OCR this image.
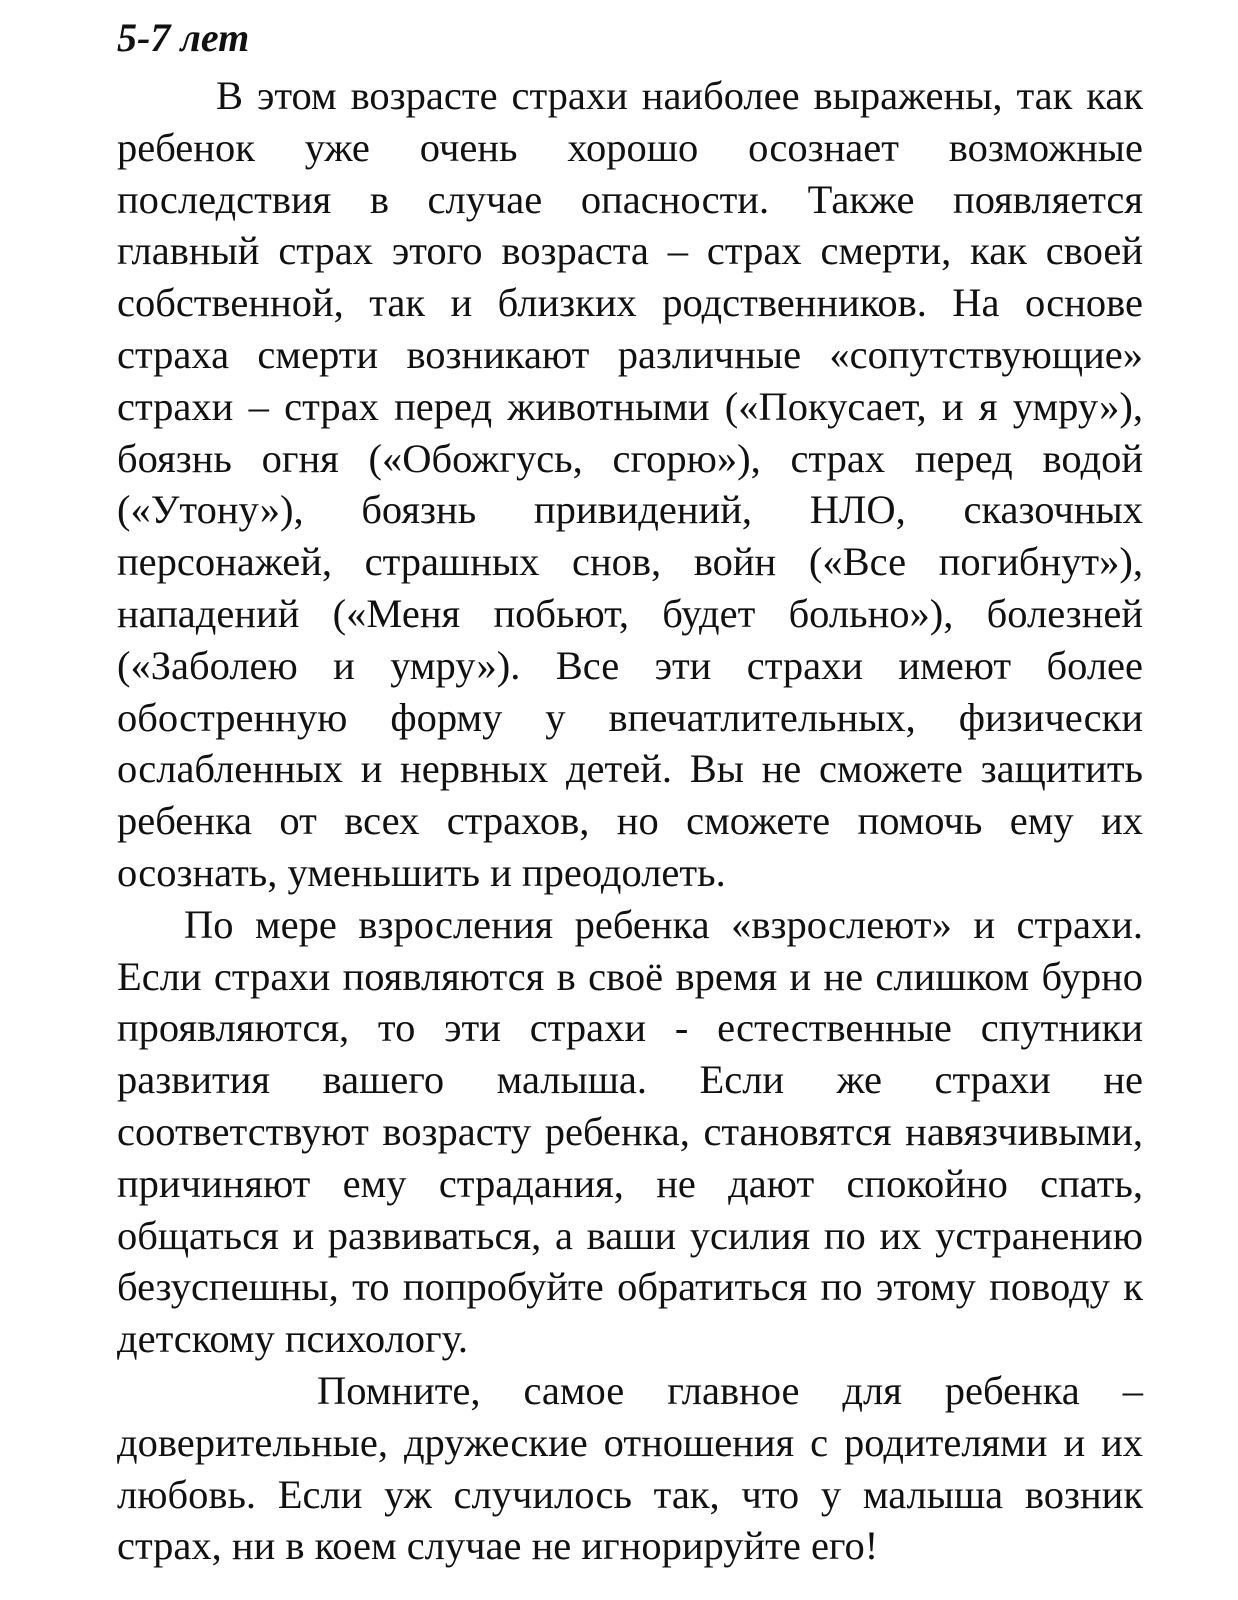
5-7 лет

В этом возрасте страхи наиболее выражены, так как ребенок уже очень хорошо осознает возможные последствия в случае опасности. Также появляется главный страх этого возраста – страх смерти, как своей собственной, так и близких родственников. На основе страха смерти возникают различные «сопутствующие» страхи – страх перед животными («Покусает, и я умру»), боязнь огня («Обожгусь, сгорю»), страх перед водой («Утону»), боязнь привидений, НЛО, сказочных персонажей, страшных снов, войн («Все погибнут»), нападений («Меня побьют, будет больно»), болезней («Заболею и умру»). Все эти страхи имеют более обостренную форму у впечатлительных, физически ослабленных и нервных детей. Вы не сможете защитить ребенка от всех страхов, но сможете помочь ему их осознать, уменьшить и преодолеть.

По мере взросления ребенка «взрослеют» и страхи. Если страхи появляются в своё время и не слишком бурно проявляются, то эти страхи - естественные спутники развития вашего малыша. Если же страхи не соответствуют возрасту ребенка, становятся навязчивыми, причиняют ему страдания, не дают спокойно спать, общаться и развиваться, а ваши усилия по их устранению безуспешны, то попробуйте обратиться по этому поводу к детскому психологу.

Помните, самое главное для ребенка – доверительные, дружеские отношения с родителями и их любовь. Если уж случилось так, что у малыша возник страх, ни в коем случае не игнорируйте его!
